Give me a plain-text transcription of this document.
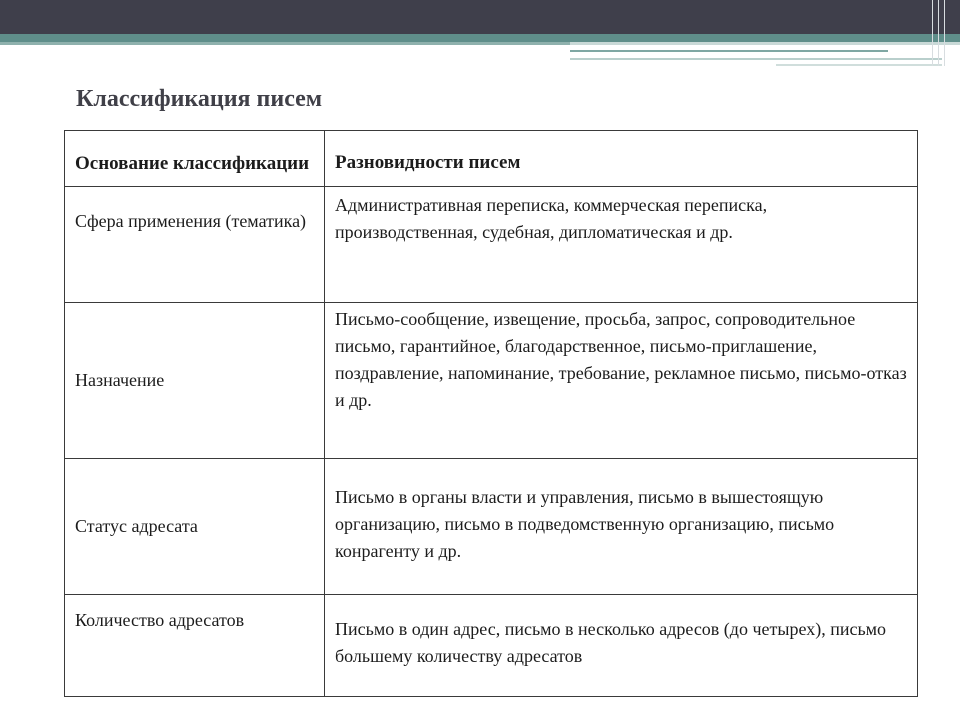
Классификация писем
Основание классификации	Разновидности писем
Сфера применения (тематика)	Административная переписка, коммерческая переписка, производственная, судебная, дипломатическая и др.
Назначение	Письмо-сообщение, извещение, просьба, запрос, сопроводительное письмо, гарантийное, благодарственное, письмо-приглашение, поздравление, напоминание, требование, рекламное письмо, письмо-отказ и др.
Статус адресата	Письмо в органы власти и управления, письмо в вышестоящую организацию, письмо в подведомственную организацию, письмо конрагенту и др.
Количество адресатов	Письмо в один адрес, письмо в несколько адресов (до четырех), письмо большему количеству адресатов
